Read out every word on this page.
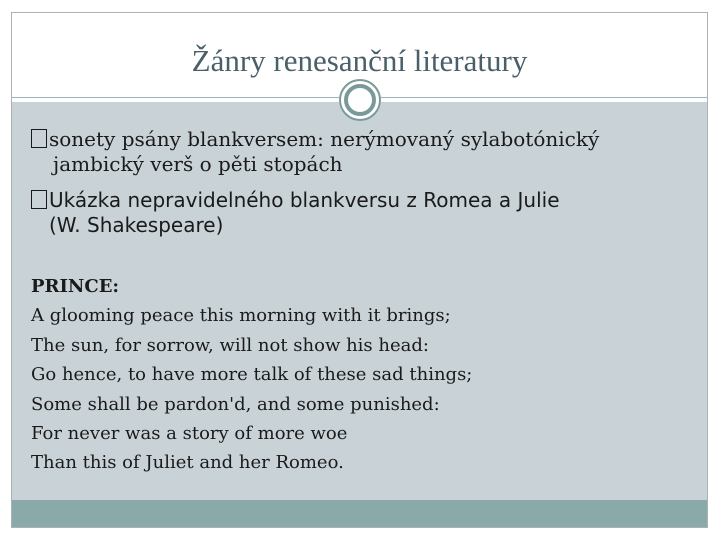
Žánry renesanční literatury
sonety psány blankversem: nerýmovaný sylabotónický
jambický verš o pěti stopách
Ukázka nepravidelného blankversu z Romea a Julie
(W. Shakespeare)
PRINCE:
A glooming peace this morning with it brings;
The sun, for sorrow, will not show his head:
Go hence, to have more talk of these sad things;
Some shall be pardon'd, and some punished:
For never was a story of more woe
Than this of Juliet and her Romeo.
